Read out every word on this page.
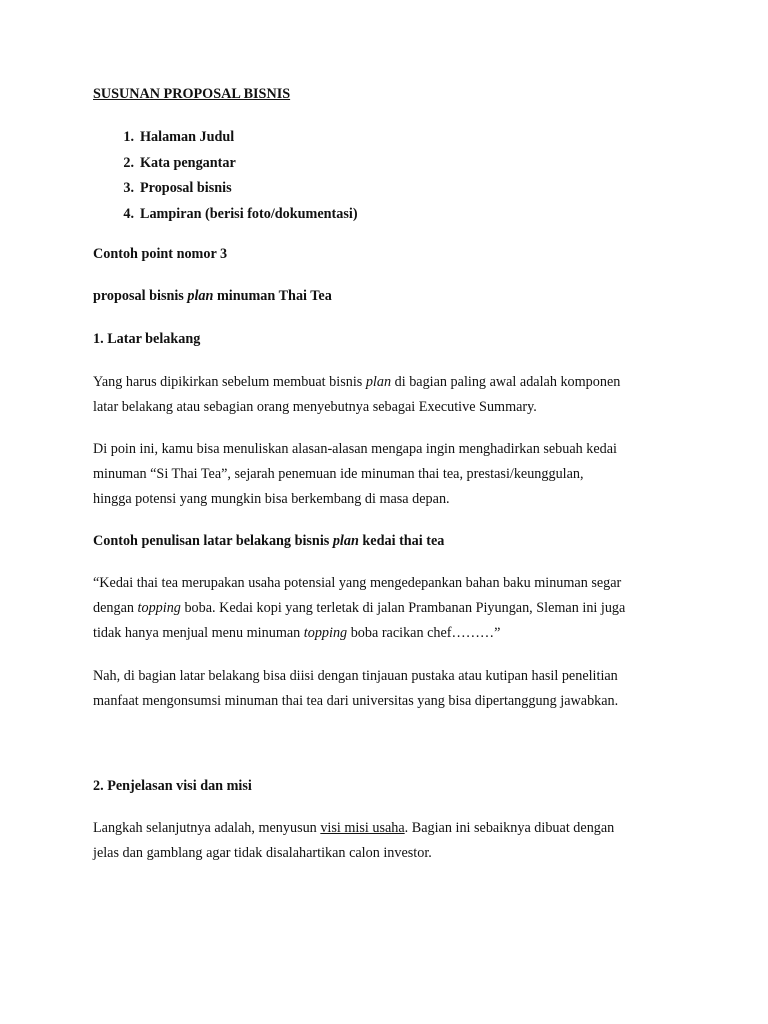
SUSUNAN PROPOSAL BISNIS

1. Halaman Judul
2. Kata pengantar
3. Proposal bisnis
4. Lampiran (berisi foto/dokumentasi)

Contoh point nomor 3

proposal bisnis plan minuman Thai Tea

1. Latar belakang

Yang harus dipikirkan sebelum membuat bisnis plan di bagian paling awal adalah komponen
latar belakang atau sebagian orang menyebutnya sebagai Executive Summary.
Di poin ini, kamu bisa menuliskan alasan-alasan mengapa ingin menghadirkan sebuah kedai
minuman “Si Thai Tea”, sejarah penemuan ide minuman thai tea, prestasi/keunggulan,
hingga potensi yang mungkin bisa berkembang di masa depan.

Contoh penulisan latar belakang bisnis plan kedai thai tea

“Kedai thai tea merupakan usaha potensial yang mengedepankan bahan baku minuman segar
dengan topping boba. Kedai kopi yang terletak di jalan Prambanan Piyungan, Sleman ini juga
tidak hanya menjual menu minuman topping boba racikan chef………”
Nah, di bagian latar belakang bisa diisi dengan tinjauan pustaka atau kutipan hasil penelitian
manfaat mengonsumsi minuman thai tea dari universitas yang bisa dipertanggung jawabkan.

2. Penjelasan visi dan misi

Langkah selanjutnya adalah, menyusun visi misi usaha. Bagian ini sebaiknya dibuat dengan
jelas dan gamblang agar tidak disalahartikan calon investor.
